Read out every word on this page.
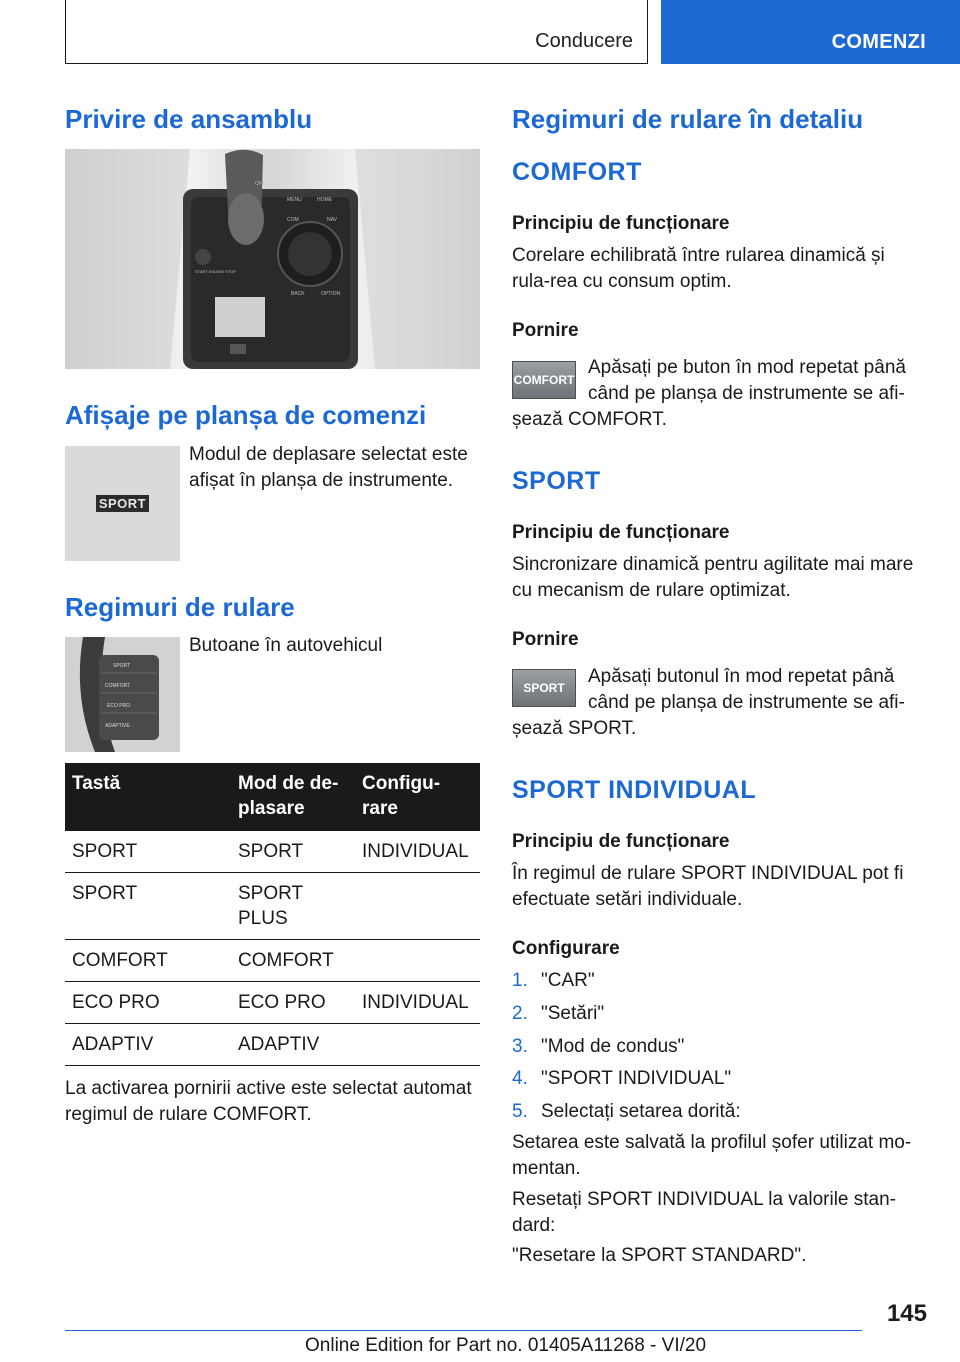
Conducere	COMENZI
Privire de ansamblu
OFF
MENU	HOME
COM	NAV
BACK	OPTION
START ENGINE STOP
Afișaje pe planșa de comenzi
SPORT
Modul de deplasare selectat este afișat în planșa de instrumente.
Regimuri de rulare
SPORT
COMFORT
ECO PRO
ADAPTIVE
Butoane în autovehicul
Tastă	Mod de de-plasare	Configu-rare
SPORT	SPORT	INDIVIDUAL
SPORT	SPORT PLUS	
COMFORT	COMFORT	
ECO PRO	ECO PRO	INDIVIDUAL
ADAPTIV	ADAPTIV	
La activarea pornirii active este selectat automat regimul de rulare COMFORT.
Regimuri de rulare în detaliu
COMFORT
Principiu de funcționare
Corelare echilibrată între rularea dinamică și rula-rea cu consum optim.
Pornire
COMFORT
Apăsați pe buton în mod repetat până când pe planșa de instrumente se afi-
șează COMFORT.
SPORT
Principiu de funcționare
Sincronizare dinamică pentru agilitate mai mare cu mecanism de rulare optimizat.
Pornire
SPORT
Apăsați butonul în mod repetat până când pe planșa de instrumente se afi-
șează SPORT.
SPORT INDIVIDUAL
Principiu de funcționare
În regimul de rulare SPORT INDIVIDUAL pot fi efectuate setări individuale.
Configurare
1. "CAR"
2. "Setări"
3. "Mod de condus"
4. "SPORT INDIVIDUAL"
5. Selectați setarea dorită:
Setarea este salvată la profilul șofer utilizat mo-mentan.
Resetați SPORT INDIVIDUAL la valorile stan-dard:
"Resetare la SPORT STANDARD".
145
Online Edition for Part no. 01405A11268 - VI/20
